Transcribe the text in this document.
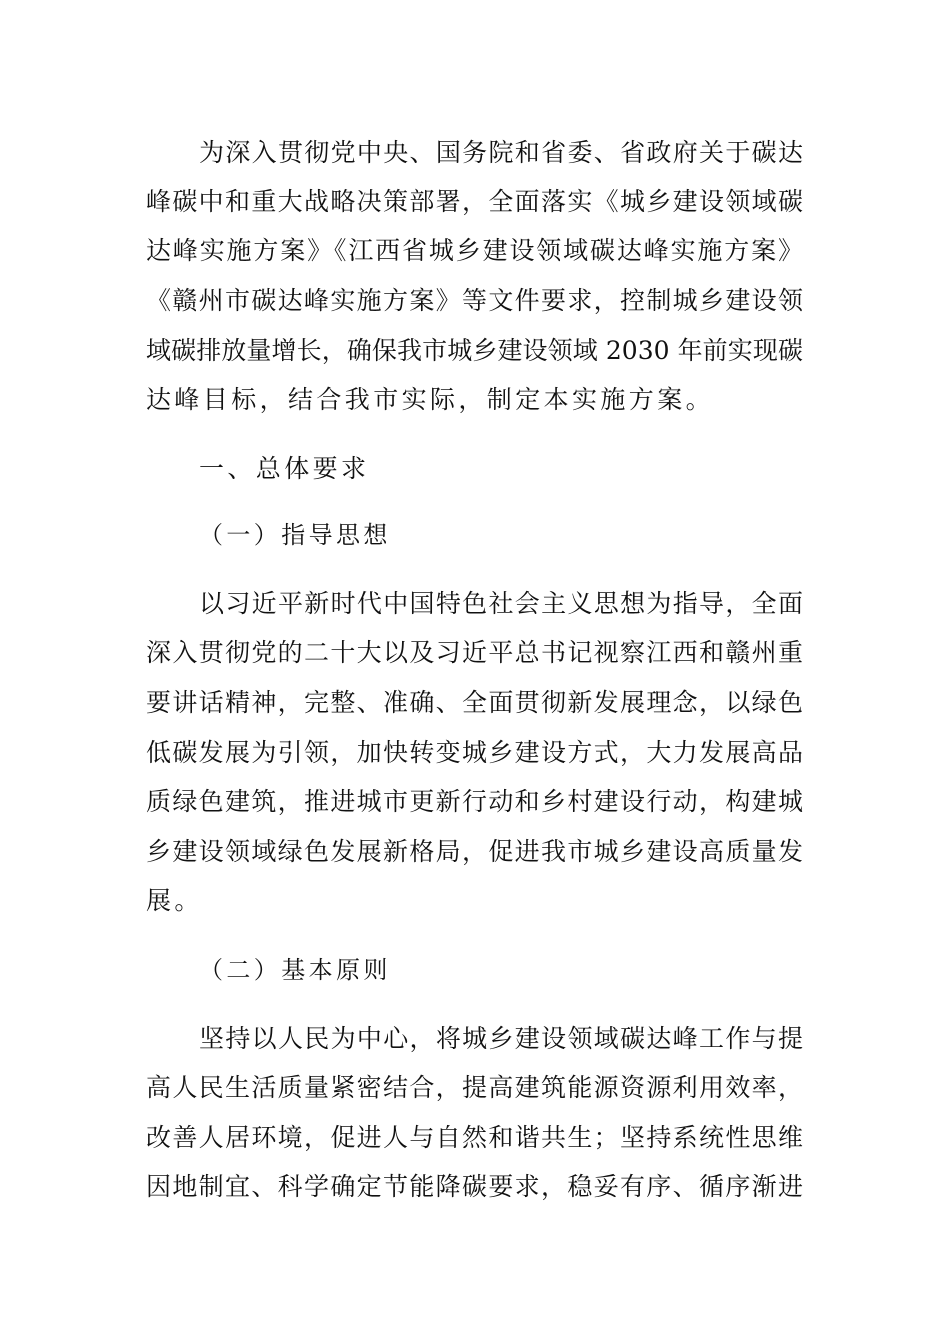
为深入贯彻党中央、国务院和省委、省政府关于碳达
峰碳中和重大战略决策部署，全面落实《城乡建设领域碳
达峰实施方案》《江西省城乡建设领域碳达峰实施方案》
《赣州市碳达峰实施方案》等文件要求，控制城乡建设领
域碳排放量增长，确保我市城乡建设领域 2030 年前实现碳
达峰目标，结合我市实际，制定本实施方案。
一、总体要求
（一）指导思想
以习近平新时代中国特色社会主义思想为指导，全面
深入贯彻党的二十大以及习近平总书记视察江西和赣州重
要讲话精神，完整、准确、全面贯彻新发展理念，以绿色
低碳发展为引领，加快转变城乡建设方式，大力发展高品
质绿色建筑，推进城市更新行动和乡村建设行动，构建城
乡建设领域绿色发展新格局，促进我市城乡建设高质量发
展。
（二）基本原则
坚持以人民为中心，将城乡建设领域碳达峰工作与提
高人民生活质量紧密结合，提高建筑能源资源利用效率，
改善人居环境，促进人与自然和谐共生；坚持系统性思维
因地制宜、科学确定节能降碳要求，稳妥有序、循序渐进
